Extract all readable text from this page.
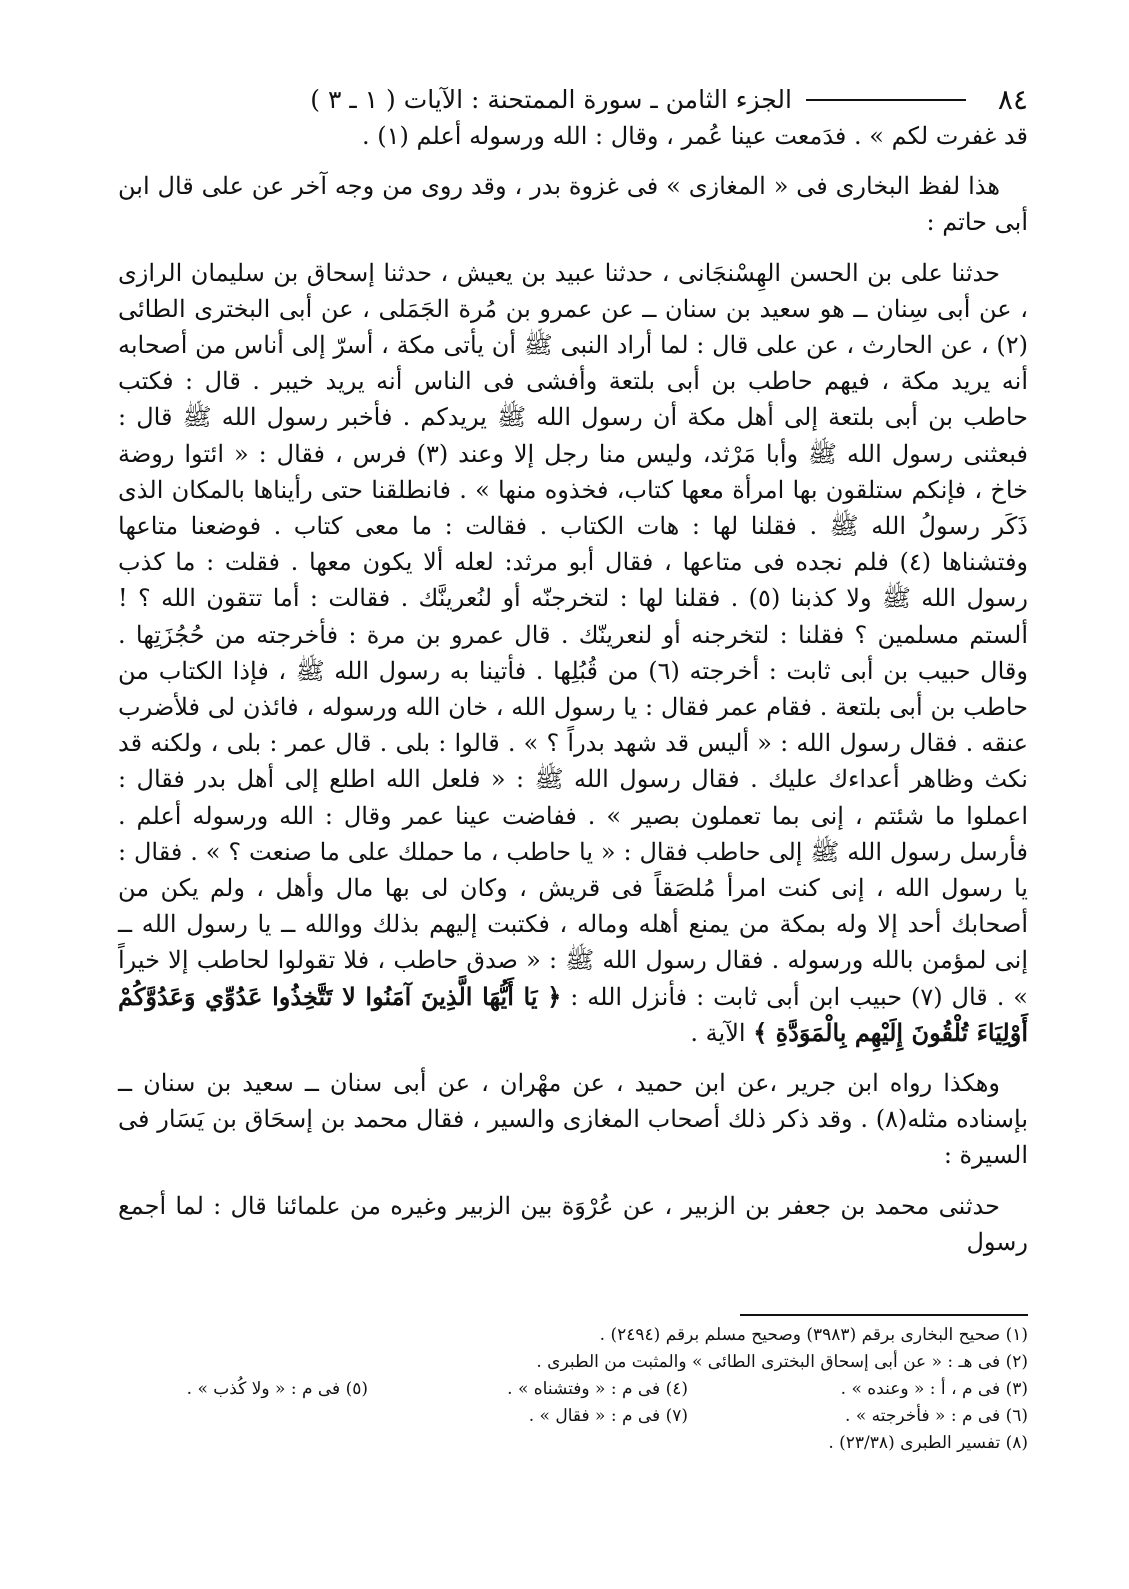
٨٤
الجزء الثامن ـ سورة الممتحنة : الآيات ( ١ ـ ٣ )

قد غفرت لكم » . فدَمعت عينا عُمر ، وقال : الله ورسوله أعلم (١) .

هذا لفظ البخارى فى « المغازى » فى غزوة بدر ، وقد روى من وجه آخر عن على قال ابن أبى حاتم :

حدثنا على بن الحسن الهِسْنجَانى ، حدثنا عبيد بن يعيش ، حدثنا إسحاق بن سليمان الرازى ، عن أبى سِنان ــ هو سعيد بن سنان ــ عن عمرو بن مُرة الجَمَلى ، عن أبى البخترى الطائى (٢) ، عن الحارث ، عن على قال : لما أراد النبى ﷺ أن يأتى مكة ، أسرّ إلى أناس من أصحابه أنه يريد مكة ، فيهم حاطب بن أبى بلتعة وأفشى فى الناس أنه يريد خيبر . قال : فكتب حاطب بن أبى بلتعة إلى أهل مكة أن رسول الله ﷺ يريدكم . فأخبر رسول الله ﷺ قال : فبعثنى رسول الله ﷺ وأبا مَرْثد، وليس منا رجل إلا وعند (٣) فرس ، فقال : « ائتوا روضة خاخ ، فإنكم ستلقون بها امرأة معها كتاب، فخذوه منها » . فانطلقنا حتى رأيناها بالمكان الذى ذَكَر رسولُ الله ﷺ . فقلنا لها : هات الكتاب . فقالت : ما معى كتاب . فوضعنا متاعها وفتشناها (٤) فلم نجده فى متاعها ، فقال أبو مرثد: لعله ألا يكون معها . فقلت : ما كذب رسول الله ﷺ ولا كذبنا (٥) . فقلنا لها : لتخرجنّه أو لنُعرينَّك . فقالت : أما تتقون الله ؟ ! ألستم مسلمين ؟ فقلنا : لتخرجنه أو لنعرينّك . قال عمرو بن مرة : فأخرجته من حُجُزَتِها . وقال حبيب بن أبى ثابت : أخرجته (٦) من قُبُلِها . فأتينا به رسول الله ﷺ ، فإذا الكتاب من حاطب بن أبى بلتعة . فقام عمر فقال : يا رسول الله ، خان الله ورسوله ، فائذن لى فلأضرب عنقه . فقال رسول الله : « أليس قد شهد بدراً ؟ » . قالوا : بلى . قال عمر : بلى ، ولكنه قد نكث وظاهر أعداءك عليك . فقال رسول الله ﷺ : « فلعل الله اطلع إلى أهل بدر فقال : اعملوا ما شئتم ، إنى بما تعملون بصير » . ففاضت عينا عمر وقال : الله ورسوله أعلم . فأرسل رسول الله ﷺ إلى حاطب فقال : « يا حاطب ، ما حملك على ما صنعت ؟ » . فقال : يا رسول الله ، إنى كنت امرأ مُلصَقاً فى قريش ، وكان لى بها مال وأهل ، ولم يكن من أصحابك أحد إلا وله بمكة من يمنع أهله وماله ، فكتبت إليهم بذلك ووالله ــ يا رسول الله ــ إنى لمؤمن بالله ورسوله . فقال رسول الله ﷺ : « صدق حاطب ، فلا تقولوا لحاطب إلا خيراً » . قال (٧) حبيب ابن أبى ثابت : فأنزل الله : ﴿ يَا أَيُّهَا الَّذِينَ آمَنُوا لا تَتَّخِذُوا عَدُوِّي وَعَدُوَّكُمْ أَوْلِيَاءَ تُلْقُونَ إِلَيْهِم بِالْمَوَدَّةِ ﴾ الآية .

وهكذا رواه ابن جرير ،عن ابن حميد ، عن مهْران ، عن أبى سنان ــ سعيد بن سنان ــ بإسناده مثله(٨) . وقد ذكر ذلك أصحاب المغازى والسير ، فقال محمد بن إسحَاق بن يَسَار فى السيرة :

حدثنى محمد بن جعفر بن الزبير ، عن عُرْوَة بين الزبير وغيره من علمائنا قال : لما أجمع رسول

(١) صحيح البخارى برقم (٣٩٨٣) وصحيح مسلم برقم (٢٤٩٤) .
(٢) فى هـ : « عن أبى إسحاق البخترى الطائى » والمثبت من الطبرى .
(٣) فى م ، أ : « وعنده » .
(٤) فى م : « وفتشناه » .
(٥) فى م : « ولا كُذب » .
(٦) فى م : « فأخرجته » .
(٧) فى م : « فقال » .
(٨) تفسير الطبرى (٢٣/٣٨) .
